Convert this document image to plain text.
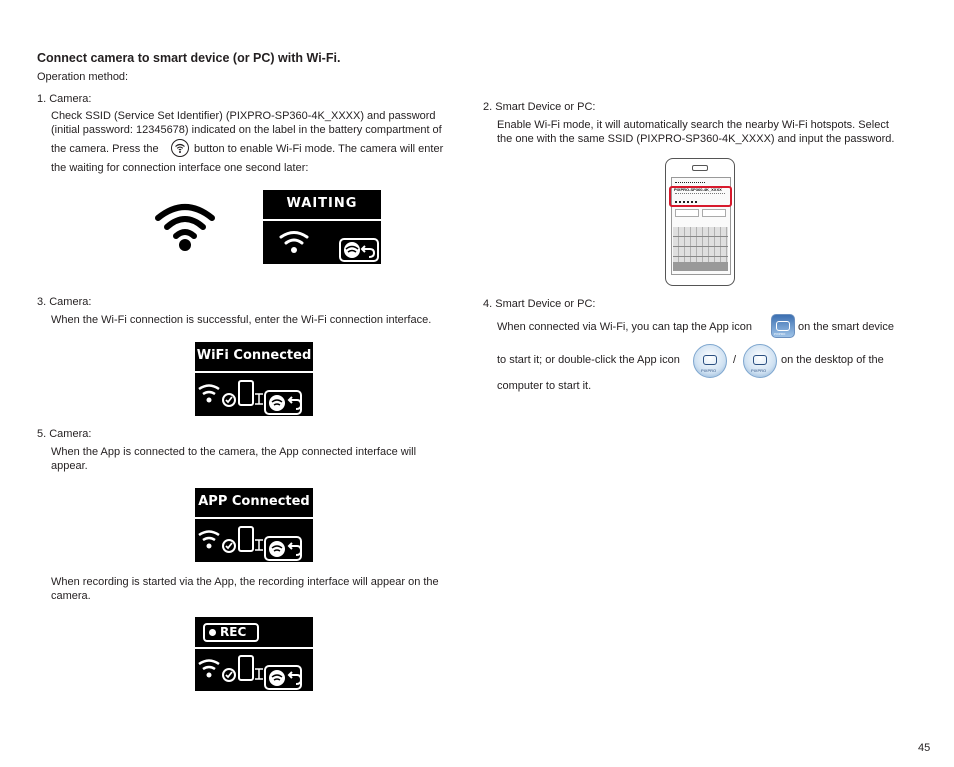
Connect camera to smart device (or PC) with Wi-Fi.
Operation method:
1. Camera:
Check SSID (Service Set Identifier) (PIXPRO-SP360-4K_XXXX) and password
(initial password: 12345678) indicated on the label in the battery compartment of
the camera. Press the	button to enable Wi-Fi mode. The camera will enter
the waiting for connection interface one second later:
WAITING
3. Camera:
When the Wi-Fi connection is successful, enter the Wi-Fi connection interface.
WiFi Connected
5. Camera:
When the App is connected to the camera, the App connected interface will
appear.
APP Connected
When recording is started via the App, the recording interface will appear on the
camera.
REC
2. Smart Device or PC:
Enable Wi-Fi mode, it will automatically search the nearby Wi-Fi hotspots. Select
the one with the same SSID (PIXPRO-SP360-4K_XXXX) and input the password.
PIXPRO-SP360-4K_XXXX
4. Smart Device or PC:
When connected via Wi-Fi, you can tap the App icon
PIXPRO
on the smart device
to start it; or double-click the App icon
PIXPRO
/
PIXPRO
on the desktop of the
computer to start it.
45
